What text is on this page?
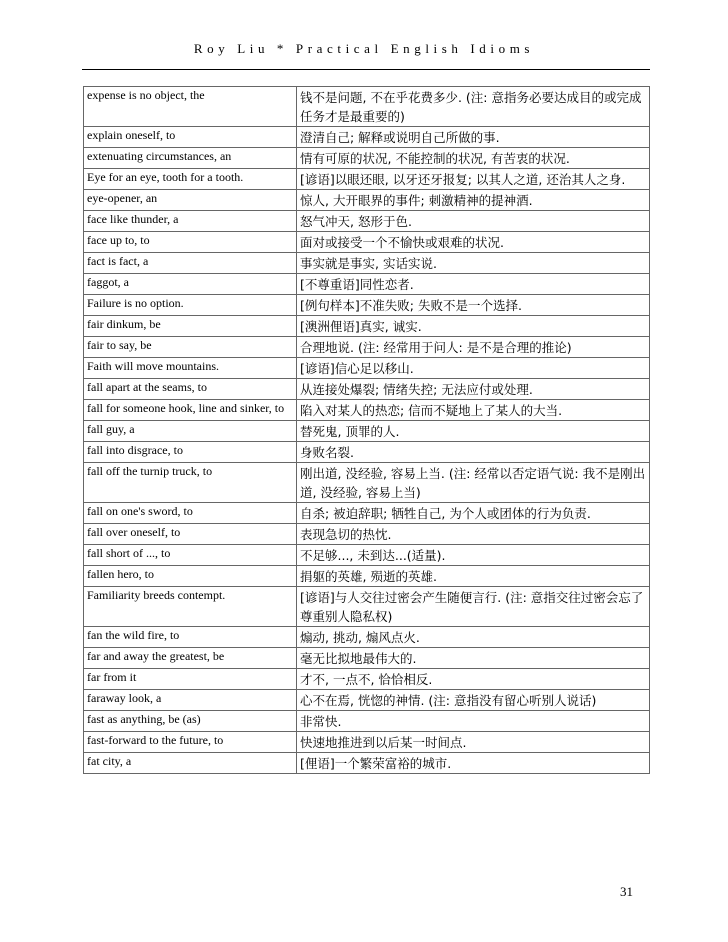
Roy Liu * Practical English Idioms
expense is no object, the	钱不是问题, 不在乎花费多少. (注: 意指务必要达成目的或完成任务才是最重要的)
explain oneself, to	澄清自己; 解释或说明自己所做的事.
extenuating circumstances, an	情有可原的状况, 不能控制的状况, 有苦衷的状况.
Eye for an eye, tooth for a tooth.	[谚语]以眼还眼, 以牙还牙报复; 以其人之道, 还治其人之身.
eye-opener, an	惊人, 大开眼界的事件; 刺激精神的提神酒.
face like thunder, a	怒气冲天, 怒形于色.
face up to, to	面对或接受一个不愉快或艰难的状况.
fact is fact, a	事实就是事实, 实话实说.
faggot, a	[不尊重语]同性恋者.
Failure is no option.	[例句样本]不准失败; 失败不是一个选择.
fair dinkum, be	[澳洲俚语]真实, 诚实.
fair to say, be	合理地说. (注: 经常用于问人: 是不是合理的推论)
Faith will move mountains.	[谚语]信心足以移山.
fall apart at the seams, to	从连接处爆裂; 情绪失控; 无法应付或处理.
fall for someone hook, line and sinker, to	陷入对某人的热恋; 信而不疑地上了某人的大当.
fall guy, a	替死鬼, 顶罪的人.
fall into disgrace, to	身败名裂.
fall off the turnip truck, to	刚出道, 没经验, 容易上当. (注: 经常以否定语气说: 我不是刚出道, 没经验, 容易上当)
fall on one's sword, to	自杀; 被迫辞职; 牺牲自己, 为个人或团体的行为负责.
fall over oneself, to	表现急切的热忱.
fall short of ..., to	不足够..., 未到达...(适量).
fallen hero, to	捐躯的英雄, 殒逝的英雄.
Familiarity breeds contempt.	[谚语]与人交往过密会产生随便言行. (注: 意指交往过密会忘了尊重别人隐私权)
fan the wild fire, to	煽动, 挑动, 煽风点火.
far and away the greatest, be	毫无比拟地最伟大的.
far from it	才不, 一点不, 恰恰相反.
faraway look, a	心不在焉, 恍惚的神情. (注: 意指没有留心听别人说话)
fast as anything, be (as)	非常快.
fast-forward to the future, to	快速地推进到以后某一时间点.
fat city, a	[俚语]一个繁荣富裕的城市.
31
